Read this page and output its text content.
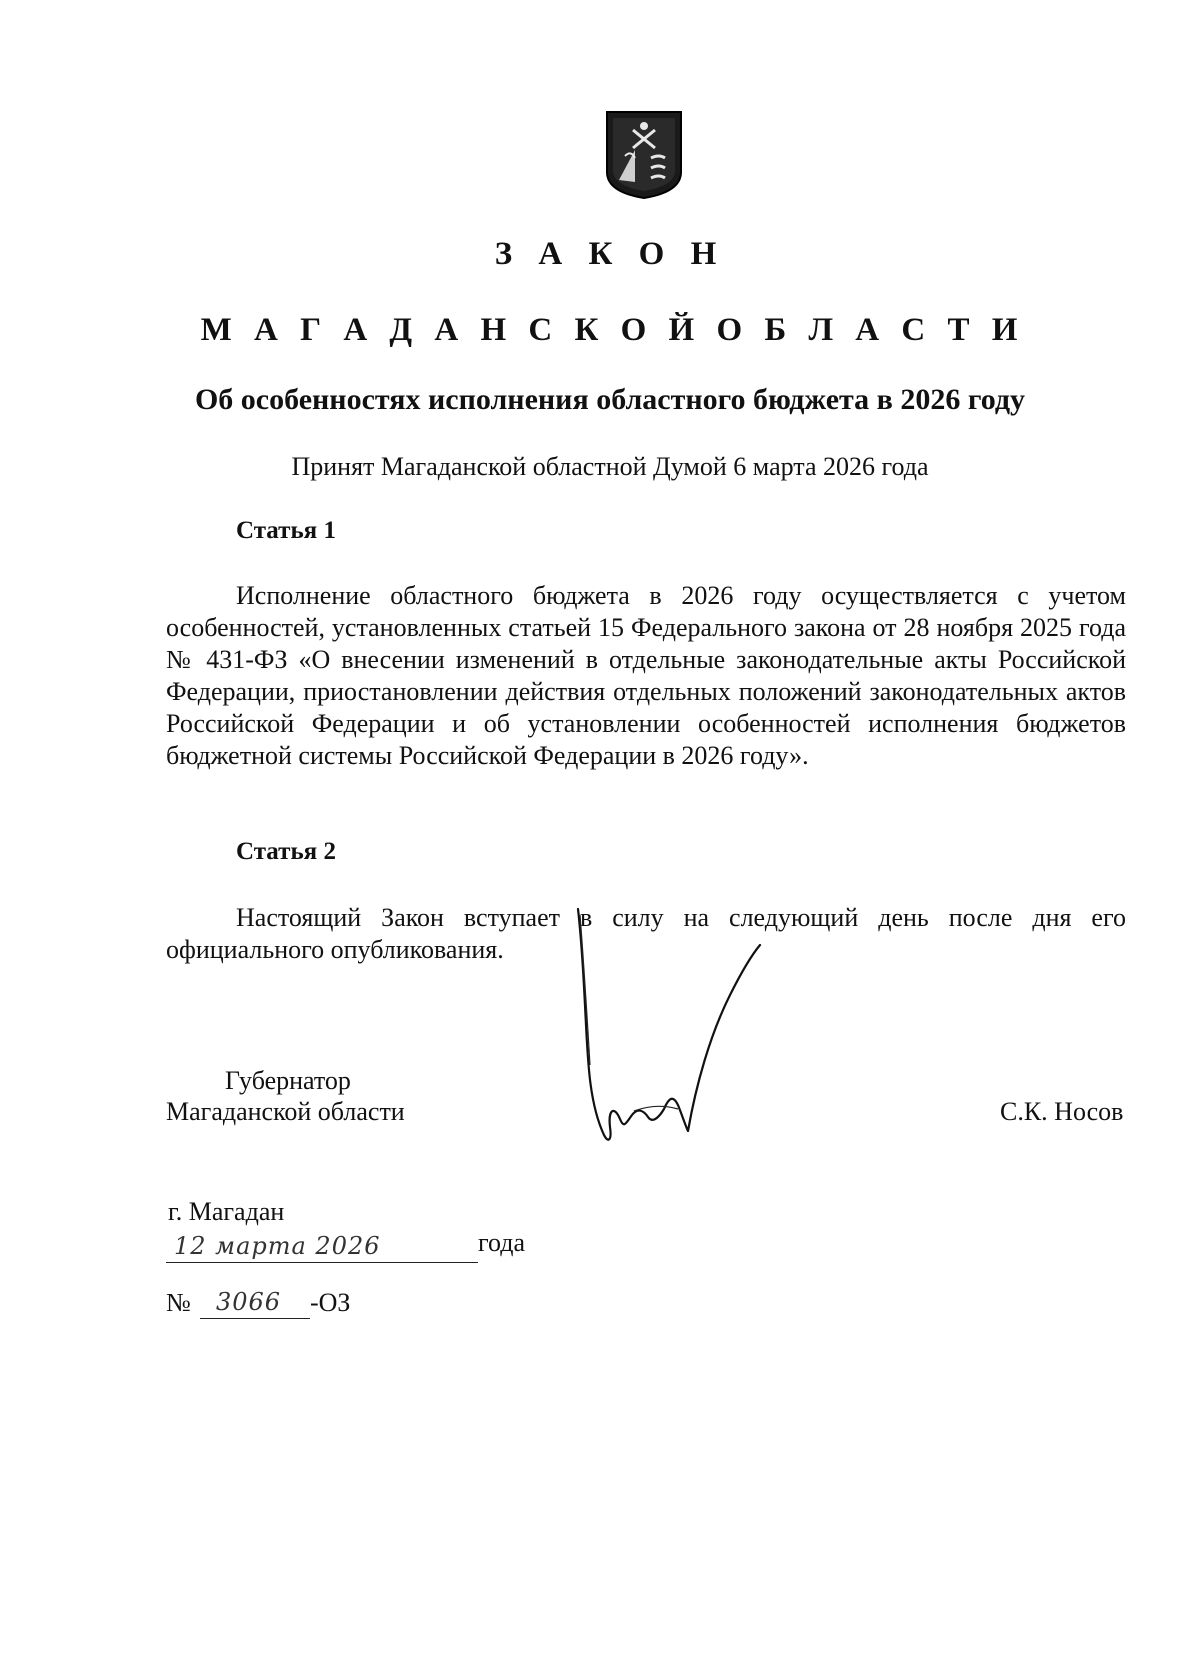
З А К О Н
М А Г А Д А Н С К О Й О Б Л А С Т И
Об особенностях исполнения областного бюджета в 2026 году
Принят Магаданской областной Думой 6 марта 2026 года
Статья 1

Исполнение областного бюджета в 2026 году осуществляется с учетом особенностей, установленных статьей 15 Федерального закона от 28 ноября 2025 года № 431-ФЗ «О внесении изменений в отдельные законодательные акты Российской Федерации, приостановлении действия отдельных положений законодательных актов Российской Федерации и об установлении особенностей исполнения бюджетов бюджетной системы Российской Федерации в 2026 году».

Статья 2

Настоящий Закон вступает в силу на следующий день после дня его официального опубликования.

Губернатор
Магаданской области	С.К. Носов
г. Магадан
12 марта 2026	года
№ 3066 -ОЗ
